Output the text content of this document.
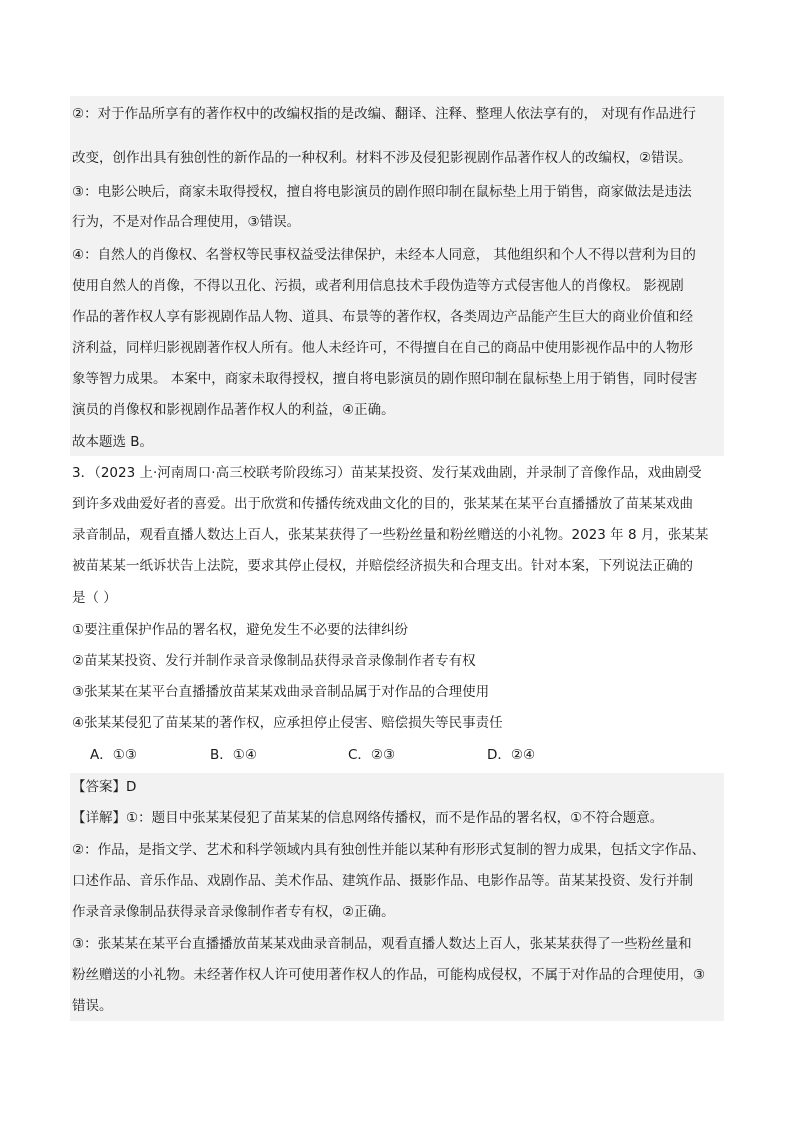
②：对于作品所享有的著作权中的改编权指的是改编、翻译、注释、整理人依法享有的， 对现有作品进行
改变，创作出具有独创性的新作品的一种权利。材料不涉及侵犯影视剧作品著作权人的改编权，②错误。
③：电影公映后，商家未取得授权，擅自将电影演员的剧作照印制在鼠标垫上用于销售，商家做法是违法
行为，不是对作品合理使用，③错误。
④：自然人的肖像权、名誉权等民事权益受法律保护，未经本人同意， 其他组织和个人不得以营利为目的
使用自然人的肖像，不得以丑化、污损，或者利用信息技术手段伪造等方式侵害他人的肖像权。 影视剧
作品的著作权人享有影视剧作品人物、道具、布景等的著作权，各类周边产品能产生巨大的商业价值和经
济利益，同样归影视剧著作权人所有。他人未经许可，不得擅自在自己的商品中使用影视作品中的人物形
象等智力成果。 本案中，商家未取得授权，擅自将电影演员的剧作照印制在鼠标垫上用于销售，同时侵害
演员的肖像权和影视剧作品著作权人的利益，④正确。
故本题选 B。
3．（2023 上·河南周口·高三校联考阶段练习）苗某某投资、发行某戏曲剧，并录制了音像作品，戏曲剧受
到许多戏曲爱好者的喜爱。出于欣赏和传播传统戏曲文化的目的，张某某在某平台直播播放了苗某某戏曲
录音制品，观看直播人数达上百人，张某某获得了一些粉丝量和粉丝赠送的小礼物。2023 年 8 月，张某某
被苗某某一纸诉状告上法院，要求其停止侵权，并赔偿经济损失和合理支出。针对本案，下列说法正确的
是（ ）
①要注重保护作品的署名权，避免发生不必要的法律纠纷
②苗某某投资、发行并制作录音录像制品获得录音录像制作者专有权
③张某某在某平台直播播放苗某某戏曲录音制品属于对作品的合理使用
④张某某侵犯了苗某某的著作权，应承担停止侵害、赔偿损失等民事责任
A．①③	B．①④	C．②③	D．②④
【答案】D
【详解】①：题目中张某某侵犯了苗某某的信息网络传播权，而不是作品的署名权，①不符合题意。
②：作品，是指文学、艺术和科学领域内具有独创性并能以某种有形形式复制的智力成果，包括文字作品、
口述作品、音乐作品、戏剧作品、美术作品、建筑作品、摄影作品、电影作品等。苗某某投资、发行并制
作录音录像制品获得录音录像制作者专有权，②正确。
③：张某某在某平台直播播放苗某某戏曲录音制品，观看直播人数达上百人，张某某获得了一些粉丝量和
粉丝赠送的小礼物。未经著作权人许可使用著作权人的作品，可能构成侵权，不属于对作品的合理使用，③
错误。
